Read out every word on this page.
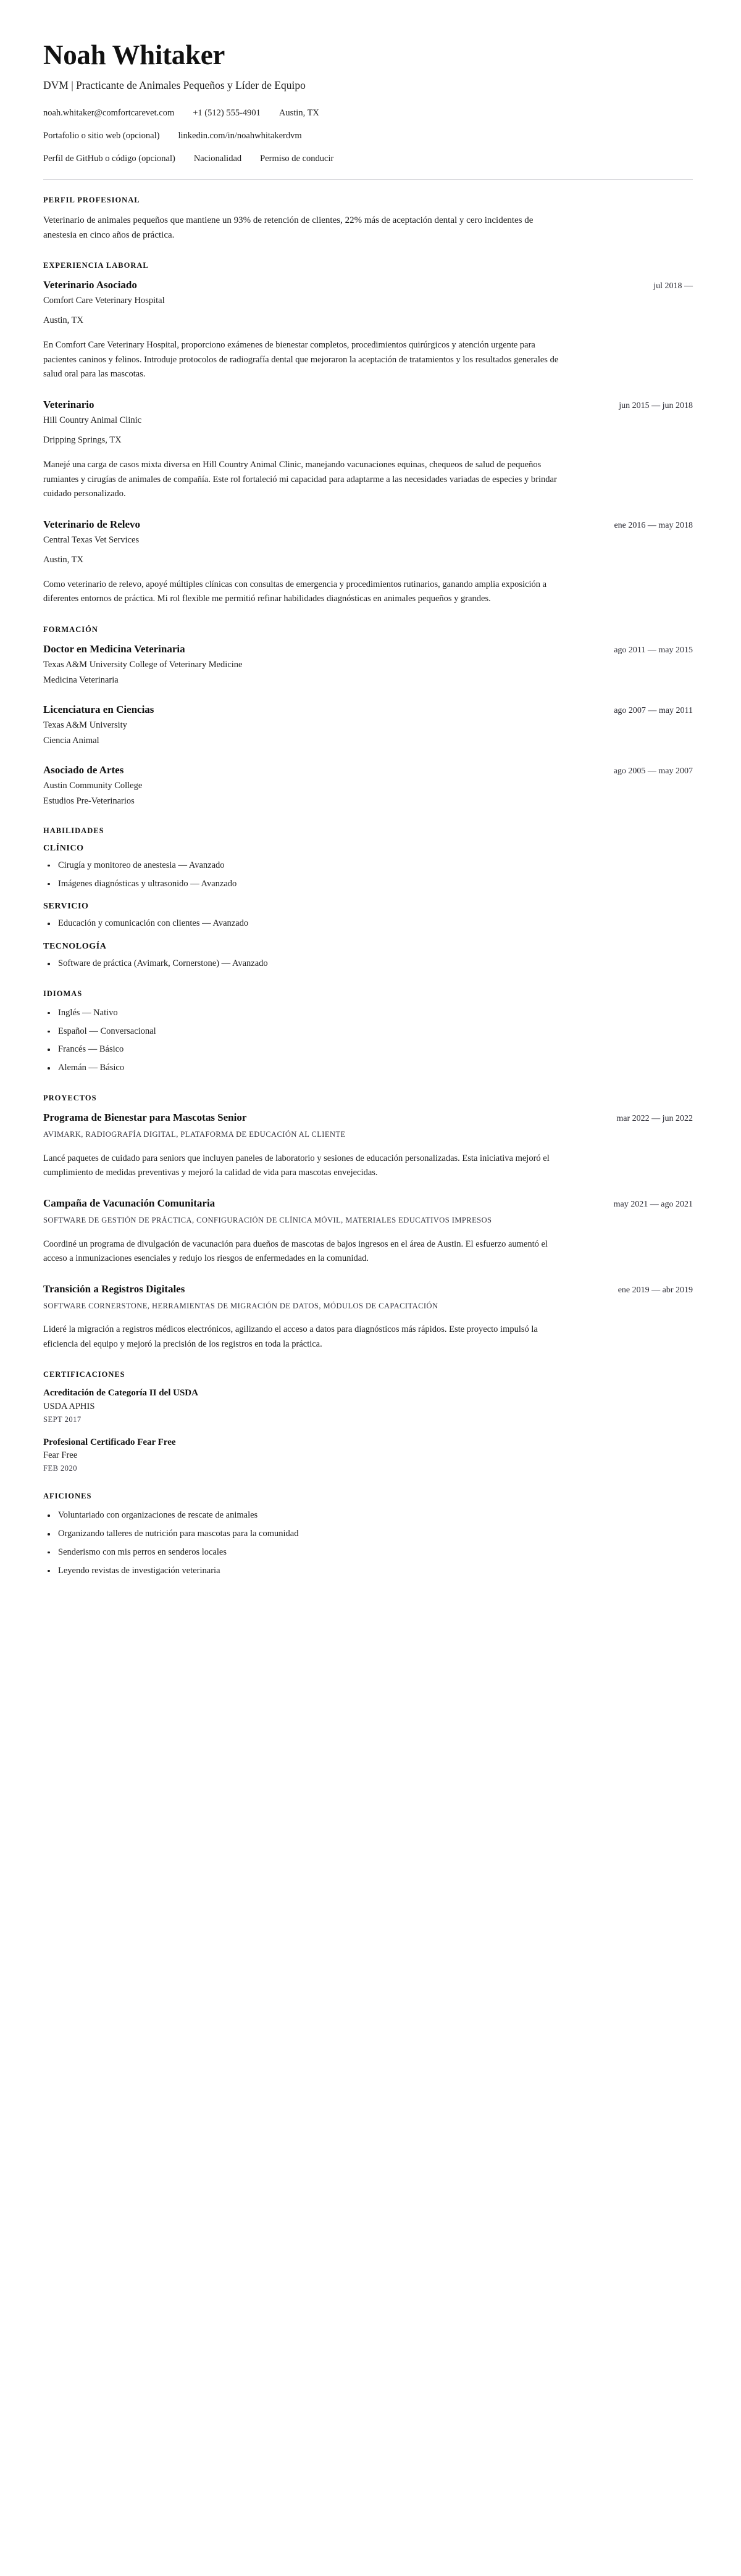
Noah Whitaker
DVM | Practicante de Animales Pequeños y Líder de Equipo
noah.whitaker@comfortcarevet.com +1 (512) 555-4901 Austin, TX
Portafolio o sitio web (opcional) linkedin.com/in/noahwhitakerdvm
Perfil de GitHub o código (opcional) Nacionalidad Permiso de conducir
PERFIL PROFESIONAL

Veterinario de animales pequeños que mantiene un 93% de retención de clientes, 22% más de aceptación dental y cero incidentes de anestesia en cinco años de práctica.

EXPERIENCIA LABORAL
Veterinario Asociado	jul 2018 —
Comfort Care Veterinary Hospital
Austin, TX
En Comfort Care Veterinary Hospital, proporciono exámenes de bienestar completos, procedimientos quirúrgicos y atención urgente para pacientes caninos y felinos. Introduje protocolos de radiografía dental que mejoraron la aceptación de tratamientos y los resultados generales de salud oral para las mascotas.
Veterinario	jun 2015 — jun 2018
Hill Country Animal Clinic
Dripping Springs, TX
Manejé una carga de casos mixta diversa en Hill Country Animal Clinic, manejando vacunaciones equinas, chequeos de salud de pequeños rumiantes y cirugías de animales de compañía. Este rol fortaleció mi capacidad para adaptarme a las necesidades variadas de especies y brindar cuidado personalizado.
Veterinario de Relevo	ene 2016 — may 2018
Central Texas Vet Services
Austin, TX
Como veterinario de relevo, apoyé múltiples clínicas con consultas de emergencia y procedimientos rutinarios, ganando amplia exposición a diferentes entornos de práctica. Mi rol flexible me permitió refinar habilidades diagnósticas en animales pequeños y grandes.
FORMACIÓN
Doctor en Medicina Veterinaria	ago 2011 — may 2015
Texas A&M University College of Veterinary Medicine
Medicina Veterinaria
Licenciatura en Ciencias	ago 2007 — may 2011
Texas A&M University
Ciencia Animal
Asociado de Artes	ago 2005 — may 2007
Austin Community College
Estudios Pre-Veterinarios
HABILIDADES
CLÍNICO
Cirugía y monitoreo de anestesia — Avanzado
Imágenes diagnósticas y ultrasonido — Avanzado
SERVICIO
Educación y comunicación con clientes — Avanzado
TECNOLOGÍA
Software de práctica (Avimark, Cornerstone) — Avanzado
IDIOMAS
Inglés — Nativo
Español — Conversacional
Francés — Básico
Alemán — Básico
PROYECTOS
Programa de Bienestar para Mascotas Senior	mar 2022 — jun 2022
AVIMARK, RADIOGRAFÍA DIGITAL, PLATAFORMA DE EDUCACIÓN AL CLIENTE
Lancé paquetes de cuidado para seniors que incluyen paneles de laboratorio y sesiones de educación personalizadas. Esta iniciativa mejoró el cumplimiento de medidas preventivas y mejoró la calidad de vida para mascotas envejecidas.
Campaña de Vacunación Comunitaria	may 2021 — ago 2021
SOFTWARE DE GESTIÓN DE PRÁCTICA, CONFIGURACIÓN DE CLÍNICA MÓVIL, MATERIALES EDUCATIVOS IMPRESOS
Coordiné un programa de divulgación de vacunación para dueños de mascotas de bajos ingresos en el área de Austin. El esfuerzo aumentó el acceso a inmunizaciones esenciales y redujo los riesgos de enfermedades en la comunidad.
Transición a Registros Digitales	ene 2019 — abr 2019
SOFTWARE CORNERSTONE, HERRAMIENTAS DE MIGRACIÓN DE DATOS, MÓDULOS DE CAPACITACIÓN
Lideré la migración a registros médicos electrónicos, agilizando el acceso a datos para diagnósticos más rápidos. Este proyecto impulsó la eficiencia del equipo y mejoró la precisión de los registros en toda la práctica.
CERTIFICACIONES
Acreditación de Categoría II del USDA
USDA APHIS
SEPT 2017
Profesional Certificado Fear Free
Fear Free
FEB 2020
AFICIONES
Voluntariado con organizaciones de rescate de animales
Organizando talleres de nutrición para mascotas para la comunidad
Senderismo con mis perros en senderos locales
Leyendo revistas de investigación veterinaria
